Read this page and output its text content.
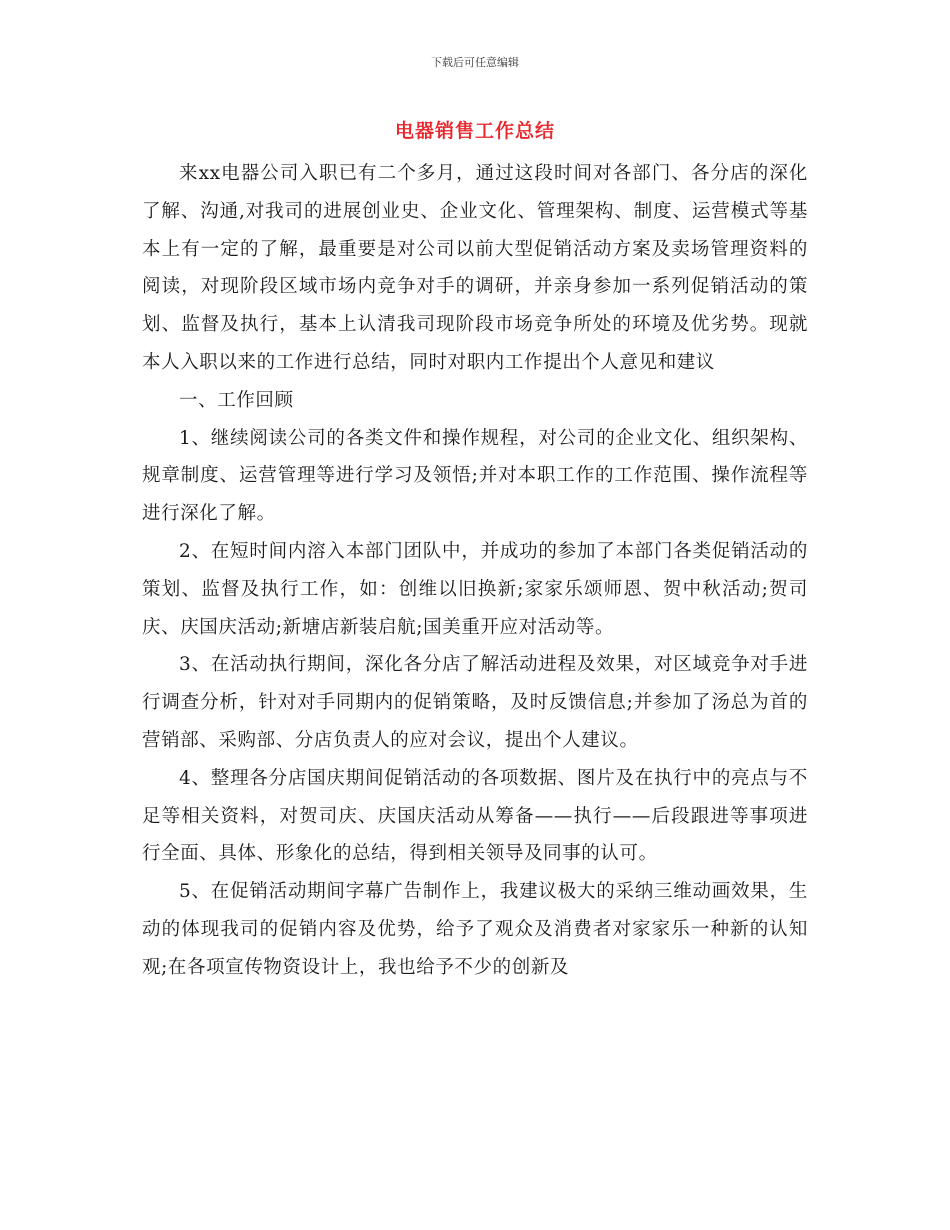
下载后可任意编辑
电器销售工作总结

来xx电器公司入职已有二个多月，通过这段时间对各部门、各分店的深化了解、沟通,对我司的进展创业史、企业文化、管理架构、制度、运营模式等基本上有一定的了解，最重要是对公司以前大型促销活动方案及卖场管理资料的阅读，对现阶段区域市场内竞争对手的调研，并亲身参加一系列促销活动的策划、监督及执行，基本上认清我司现阶段市场竞争所处的环境及优劣势。现就本人入职以来的工作进行总结，同时对职内工作提出个人意见和建议

一、工作回顾

1、继续阅读公司的各类文件和操作规程，对公司的企业文化、组织架构、规章制度、运营管理等进行学习及领悟;并对本职工作的工作范围、操作流程等进行深化了解。

2、在短时间内溶入本部门团队中，并成功的参加了本部门各类促销活动的策划、监督及执行工作，如：创维以旧换新;家家乐颂师恩、贺中秋活动;贺司庆、庆国庆活动;新塘店新装启航;国美重开应对活动等。

3、在活动执行期间，深化各分店了解活动进程及效果，对区域竞争对手进行调查分析，针对对手同期内的促销策略，及时反馈信息;并参加了汤总为首的营销部、采购部、分店负责人的应对会议，提出个人建议。

4、整理各分店国庆期间促销活动的各项数据、图片及在执行中的亮点与不足等相关资料，对贺司庆、庆国庆活动从筹备——执行——后段跟进等事项进行全面、具体、形象化的总结，得到相关领导及同事的认可。

5、在促销活动期间字幕广告制作上，我建议极大的采纳三维动画效果，生动的体现我司的促销内容及优势，给予了观众及消费者对家家乐一种新的认知观;在各项宣传物资设计上，我也给予不少的创新及
